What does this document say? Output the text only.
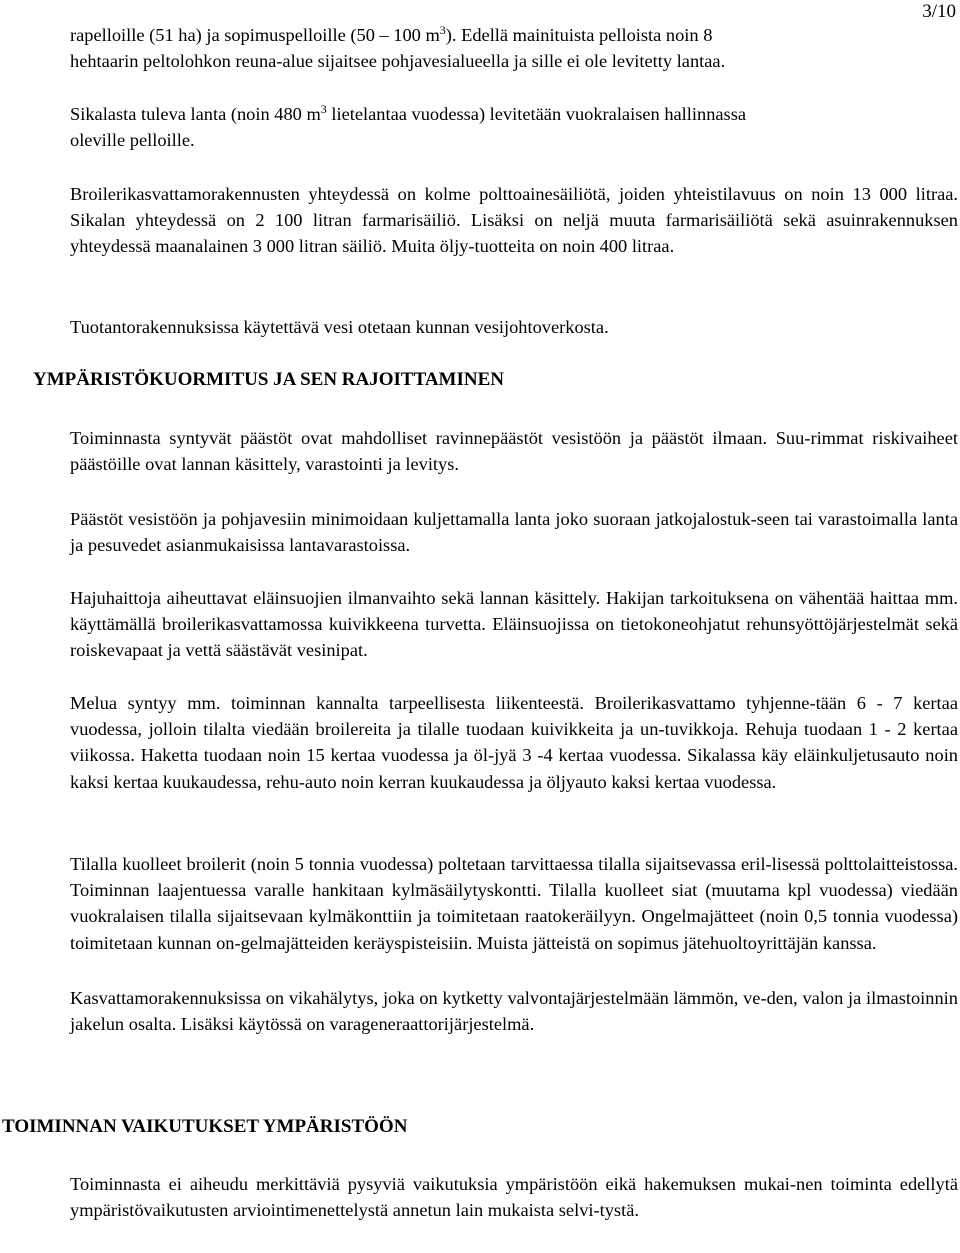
3/10
rapelloille (51 ha) ja sopimuspelloille (50 – 100 $m^3$). Edellä mainituista pelloista noin 8
hehtaarin peltolohkon reuna-alue sijaitsee pohjavesialueella ja sille ei ole levitetty lantaa.
Sikalasta tuleva lanta (noin 480 $m^3$ lietelantaa vuodessa) levitetään vuokralaisen hallinnassa
oleville pelloille.

Broilerikasvattamorakennusten yhteydessä on kolme polttoainesäiliötä, joiden yhteistilavuus on noin 13 000 litraa. Sikalan yhteydessä on 2 100 litran farmarisäiliö. Lisäksi on neljä muuta farmarisäiliötä sekä asuinrakennuksen yhteydessä maanalainen 3 000 litran säiliö. Muita öljy-tuotteita on noin 400 litraa.

Tuotantorakennuksissa käytettävä vesi otetaan kunnan vesijohtoverkosta.

YMPÄRISTÖKUORMITUS JA SEN RAJOITTAMINEN

Toiminnasta syntyvät päästöt ovat mahdolliset ravinnepäästöt vesistöön ja päästöt ilmaan. Suu-rimmat riskivaiheet päästöille ovat lannan käsittely, varastointi ja levitys.

Päästöt vesistöön ja pohjavesiin minimoidaan kuljettamalla lanta joko suoraan jatkojalostuk-seen tai varastoimalla lanta ja pesuvedet asianmukaisissa lantavarastoissa.

Hajuhaittoja aiheuttavat eläinsuojien ilmanvaihto sekä lannan käsittely. Hakijan tarkoituksena on vähentää haittaa mm. käyttämällä broilerikasvattamossa kuivikkeena turvetta. Eläinsuojissa on tietokoneohjatut rehunsyöttöjärjestelmät sekä roiskevapaat ja vettä säästävät vesinipat.

Melua syntyy mm. toiminnan kannalta tarpeellisesta liikenteestä. Broilerikasvattamo tyhjenne-tään 6 - 7 kertaa vuodessa, jolloin tilalta viedään broilereita ja tilalle tuodaan kuivikkeita ja un-tuvikkoja. Rehuja tuodaan 1 - 2 kertaa viikossa. Haketta tuodaan noin 15 kertaa vuodessa ja öl-jyä 3 -4 kertaa vuodessa. Sikalassa käy eläinkuljetusauto noin kaksi kertaa kuukaudessa, rehu-auto noin kerran kuukaudessa ja öljyauto kaksi kertaa vuodessa.

Tilalla kuolleet broilerit (noin 5 tonnia vuodessa) poltetaan tarvittaessa tilalla sijaitsevassa eril-lisessä polttolaitteistossa. Toiminnan laajentuessa varalle hankitaan kylmäsäilytyskontti. Tilalla kuolleet siat (muutama kpl vuodessa) viedään vuokralaisen tilalla sijaitsevaan kylmäkonttiin ja toimitetaan raatokeräilyyn. Ongelmajätteet (noin 0,5 tonnia vuodessa) toimitetaan kunnan on-gelmajätteiden keräyspisteisiin. Muista jätteistä on sopimus jätehuoltoyrittäjän kanssa.

Kasvattamorakennuksissa on vikahälytys, joka on kytketty valvontajärjestelmään lämmön, ve-den, valon ja ilmastoinnin jakelun osalta. Lisäksi käytössä on varageneraattorijärjestelmä.

TOIMINNAN VAIKUTUKSET YMPÄRISTÖÖN

Toiminnasta ei aiheudu merkittäviä pysyviä vaikutuksia ympäristöön eikä hakemuksen mukai-nen toiminta edellytä ympäristövaikutusten arviointimenettelystä annetun lain mukaista selvi-tystä.
